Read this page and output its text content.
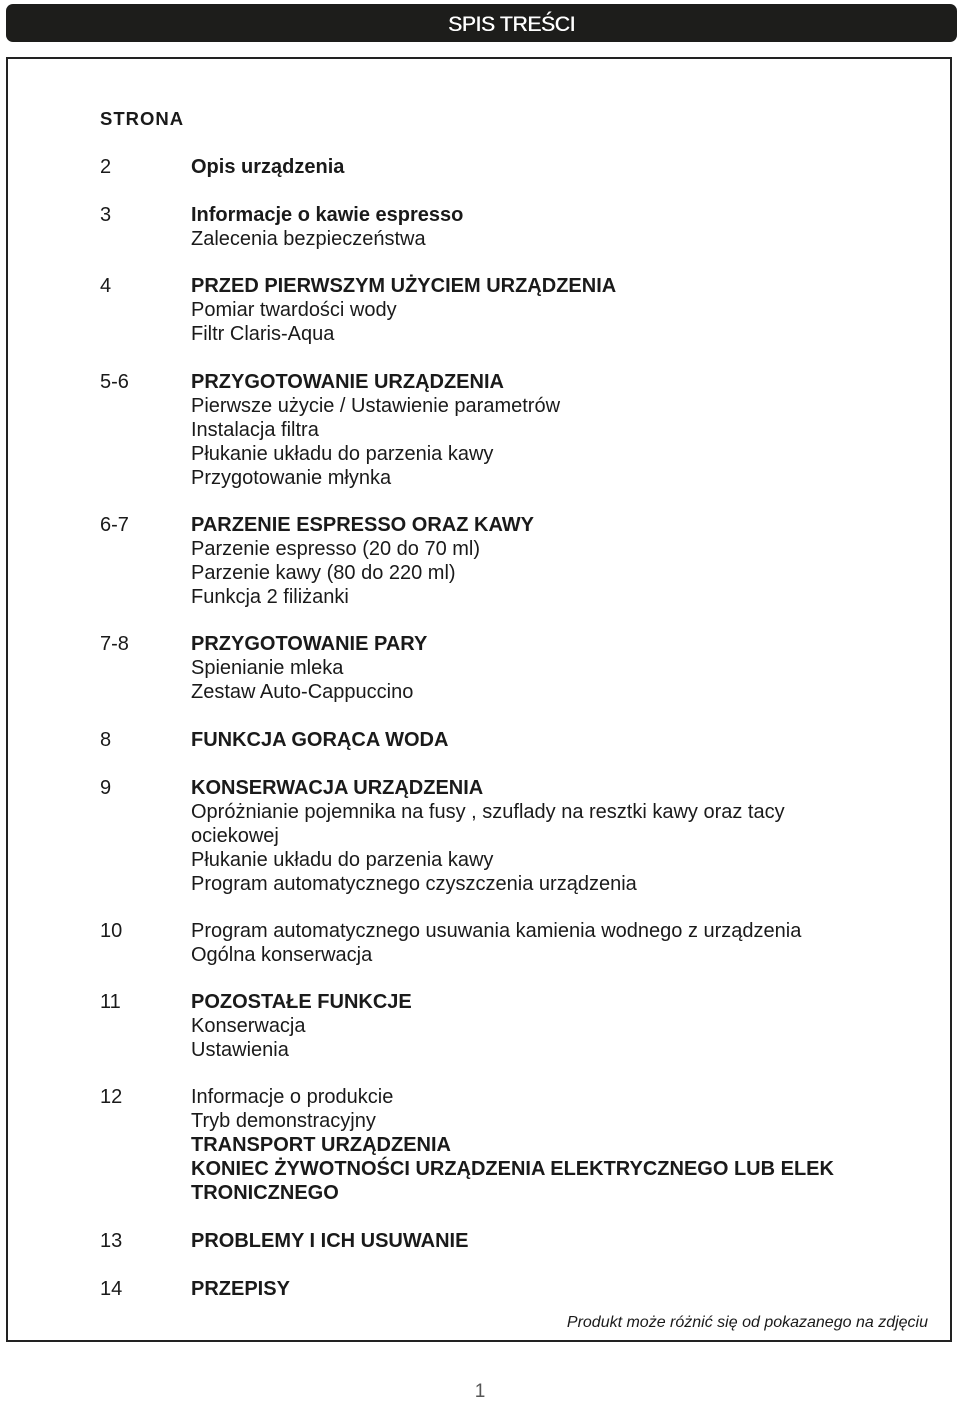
SPIS TREŚCI
STRONA
2	Opis urządzenia
3	Informacje o kawie espresso
Zalecenia bezpieczeństwa
4	PRZED PIERWSZYM UŻYCIEM URZĄDZENIA
Pomiar twardości wody
Filtr Claris-Aqua
5-6	PRZYGOTOWANIE URZĄDZENIA
Pierwsze użycie / Ustawienie parametrów
Instalacja filtra
Płukanie układu do parzenia kawy
Przygotowanie młynka
6-7	PARZENIE ESPRESSO ORAZ KAWY
Parzenie espresso (20 do 70 ml)
Parzenie kawy (80 do 220 ml)
Funkcja 2 filiżanki
7-8	PRZYGOTOWANIE PARY
Spienianie mleka
Zestaw Auto-Cappuccino
8	FUNKCJA GORĄCA WODA
9	KONSERWACJA URZĄDZENIA
Opróżnianie pojemnika na fusy , szuflady na resztki kawy oraz tacy
ociekowej
Płukanie układu do parzenia kawy
Program automatycznego czyszczenia urządzenia
10	Program automatycznego usuwania kamienia wodnego z urządzenia
Ogólna konserwacja
11	POZOSTAŁE FUNKCJE
Konserwacja
Ustawienia
12	Informacje o produkcie
Tryb demonstracyjny
TRANSPORT URZĄDZENIA
KONIEC ŻYWOTNOŚCI URZĄDZENIA ELEKTRYCZNEGO LUB ELEK
TRONICZNEGO
13	PROBLEMY I ICH USUWANIE
14	PRZEPISY
Produkt może różnić się od pokazanego na zdjęciu
1
